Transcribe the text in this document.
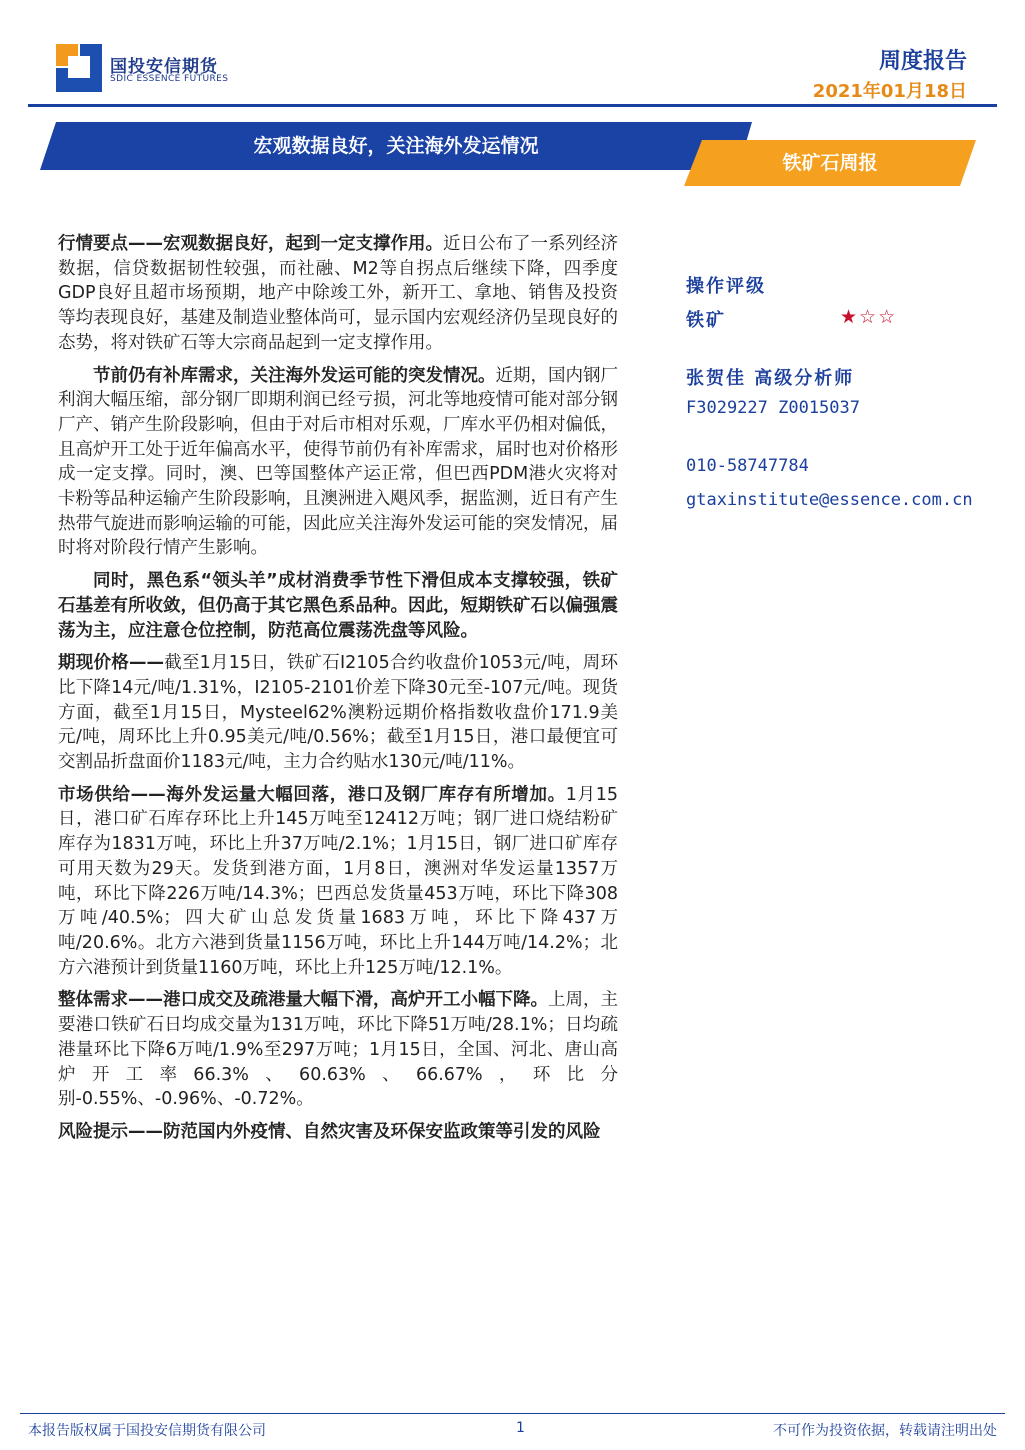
国投安信期货
SDIC ESSENCE FUTURES
周度报告
2021年01月18日
宏观数据良好，关注海外发运情况
铁矿石周报

行情要点——宏观数据良好，起到一定支撑作用。近日公布了一系列经济数据，信贷数据韧性较强，而社融、M2等自拐点后继续下降，四季度GDP良好且超市场预期，地产中除竣工外，新开工、拿地、销售及投资等均表现良好，基建及制造业整体尚可，显示国内宏观经济仍呈现良好的态势，将对铁矿石等大宗商品起到一定支撑作用。

节前仍有补库需求，关注海外发运可能的突发情况。近期，国内钢厂利润大幅压缩，部分钢厂即期利润已经亏损，河北等地疫情可能对部分钢厂产、销产生阶段影响，但由于对后市相对乐观，厂库水平仍相对偏低，且高炉开工处于近年偏高水平，使得节前仍有补库需求，届时也对价格形成一定支撑。同时，澳、巴等国整体产运正常，但巴西PDM港火灾将对卡粉等品种运输产生阶段影响，且澳洲进入飓风季，据监测，近日有产生热带气旋进而影响运输的可能，因此应关注海外发运可能的突发情况，届时将对阶段行情产生影响。

同时，黑色系“领头羊”成材消费季节性下滑但成本支撑较强，铁矿石基差有所收敛，但仍高于其它黑色系品种。因此，短期铁矿石以偏强震荡为主，应注意仓位控制，防范高位震荡洗盘等风险。

期现价格——截至1月15日，铁矿石I2105合约收盘价1053元/吨，周环比下降14元/吨/1.31%，I2105-2101价差下降30元至-107元/吨。现货方面，截至1月15日，Mysteel62%澳粉远期价格指数收盘价171.9美元/吨，周环比上升0.95美元/吨/0.56%；截至1月15日，港口最便宜可交割品折盘面价1183元/吨，主力合约贴水130元/吨/11%。

市场供给——海外发运量大幅回落，港口及钢厂库存有所增加。1月15日，港口矿石库存环比上升145万吨至12412万吨；钢厂进口烧结粉矿库存为1831万吨，环比上升37万吨/2.1%；1月15日，钢厂进口矿库存可用天数为29天。发货到港方面，1月8日，澳洲对华发运量1357万吨，环比下降226万吨/14.3%；巴西总发货量453万吨，环比下降308万吨/40.5%；四大矿山总发货量1683万吨，环比下降437万吨/20.6%。北方六港到货量1156万吨，环比上升144万吨/14.2%；北方六港预计到货量1160万吨，环比上升125万吨/12.1%。

整体需求——港口成交及疏港量大幅下滑，高炉开工小幅下降。上周，主要港口铁矿石日均成交量为131万吨，环比下降51万吨/28.1%；日均疏港量环比下降6万吨/1.9%至297万吨；1月15日，全国、河北、唐山高炉开工率66.3%、60.63%、66.67%，环比分别-0.55%、-0.96%、-0.72%。

风险提示——防范国内外疫情、自然灾害及环保安监政策等引发的风险

操作评级
铁矿	★☆☆
张贺佳 高级分析师
F3029227 Z0015037
010-58747784
gtaxinstitute@essence.com.cn
本报告版权属于国投安信期货有限公司	1	不可作为投资依据，转载请注明出处
